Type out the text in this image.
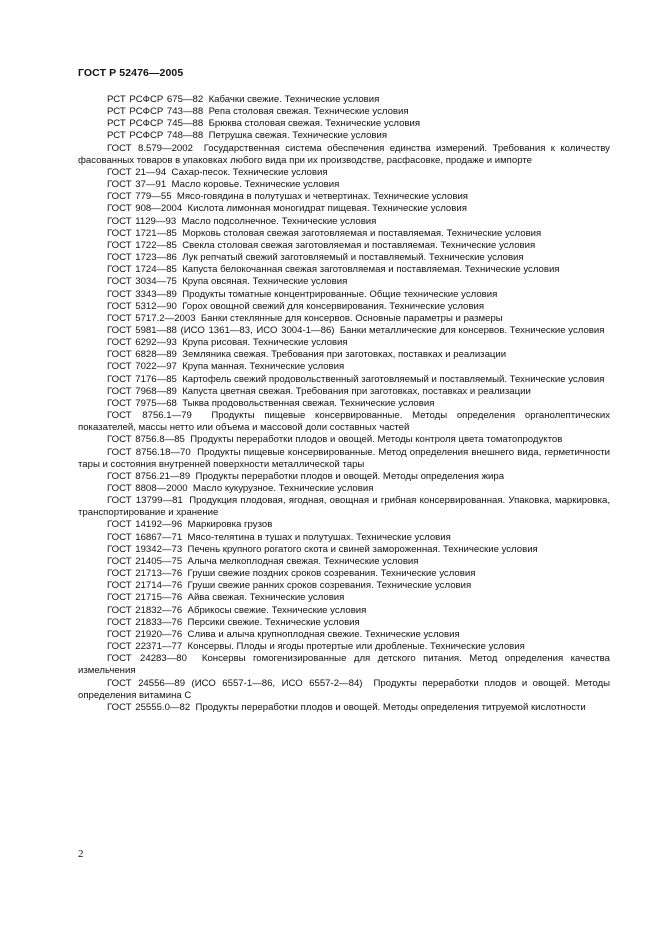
ГОСТ Р 52476—2005

РСТ РСФСР 675—82 Кабачки свежие. Технические условия

РСТ РСФСР 743—88 Репа столовая свежая. Технические условия

РСТ РСФСР 745—88 Брюква столовая свежая. Технические условия

РСТ РСФСР 748—88 Петрушка свежая. Технические условия

ГОСТ 8.579—2002 Государственная система обеспечения единства измерений. Требования к количеству фасованных товаров в упаковках любого вида при их производстве, расфасовке, продаже и импорте

ГОСТ 21—94 Сахар-песок. Технические условия

ГОСТ 37—91 Масло коровье. Технические условия

ГОСТ 779—55 Мясо-говядина в полутушах и четвертинах. Технические условия

ГОСТ 908—2004 Кислота лимонная моногидрат пищевая. Технические условия

ГОСТ 1129—93 Масло подсолнечное. Технические условия

ГОСТ 1721—85 Морковь столовая свежая заготовляемая и поставляемая. Технические условия

ГОСТ 1722—85 Свекла столовая свежая заготовляемая и поставляемая. Технические условия

ГОСТ 1723—86 Лук репчатый свежий заготовляемый и поставляемый. Технические условия

ГОСТ 1724—85 Капуста белокочанная свежая заготовляемая и поставляемая. Технические условия

ГОСТ 3034—75 Крупа овсяная. Технические условия

ГОСТ 3343—89 Продукты томатные концентрированные. Общие технические условия

ГОСТ 5312—90 Горох овощной свежий для консервирования. Технические условия

ГОСТ 5717.2—2003 Банки стеклянные для консервов. Основные параметры и размеры

ГОСТ 5981—88 (ИСО 1361—83, ИСО 3004-1—86) Банки металлические для консервов. Технические условия

ГОСТ 6292—93 Крупа рисовая. Технические условия

ГОСТ 6828—89 Земляника свежая. Требования при заготовках, поставках и реализации

ГОСТ 7022—97 Крупа манная. Технические условия

ГОСТ 7176—85 Картофель свежий продовольственный заготовляемый и поставляемый. Технические условия

ГОСТ 7968—89 Капуста цветная свежая. Требования при заготовках, поставках и реализации

ГОСТ 7975—68 Тыква продовольственная свежая. Технические условия

ГОСТ 8756.1—79 Продукты пищевые консервированные. Методы определения органолептических показателей, массы нетто или объема и массовой доли составных частей

ГОСТ 8756.8—85 Продукты переработки плодов и овощей. Методы контроля цвета томатопродуктов

ГОСТ 8756.18—70 Продукты пищевые консервированные. Метод определения внешнего вида, герметичности тары и состояния внутренней поверхности металлической тары

ГОСТ 8756.21—89 Продукты переработки плодов и овощей. Методы определения жира

ГОСТ 8808—2000 Масло кукурузное. Технические условия

ГОСТ 13799—81 Продукция плодовая, ягодная, овощная и грибная консервированная. Упаковка, маркировка, транспортирование и хранение

ГОСТ 14192—96 Маркировка грузов

ГОСТ 16867—71 Мясо-телятина в тушах и полутушах. Технические условия

ГОСТ 19342—73 Печень крупного рогатого скота и свиней замороженная. Технические условия

ГОСТ 21405—75 Алыча мелкоплодная свежая. Технические условия

ГОСТ 21713—76 Груши свежие поздних сроков созревания. Технические условия

ГОСТ 21714—76 Груши свежие ранних сроков созревания. Технические условия

ГОСТ 21715—76 Айва свежая. Технические условия

ГОСТ 21832—76 Абрикосы свежие. Технические условия

ГОСТ 21833—76 Персики свежие. Технические условия

ГОСТ 21920—76 Слива и алыча крупноплодная свежие. Технические условия

ГОСТ 22371—77 Консервы. Плоды и ягоды протертые или дробленые. Технические условия

ГОСТ 24283—80 Консервы гомогенизированные для детского питания. Метод определения качества измельчения

ГОСТ 24556—89 (ИСО 6557-1—86, ИСО 6557-2—84) Продукты переработки плодов и овощей. Методы определения витамина С

ГОСТ 25555.0—82 Продукты переработки плодов и овощей. Методы определения титруемой кислотности

2
